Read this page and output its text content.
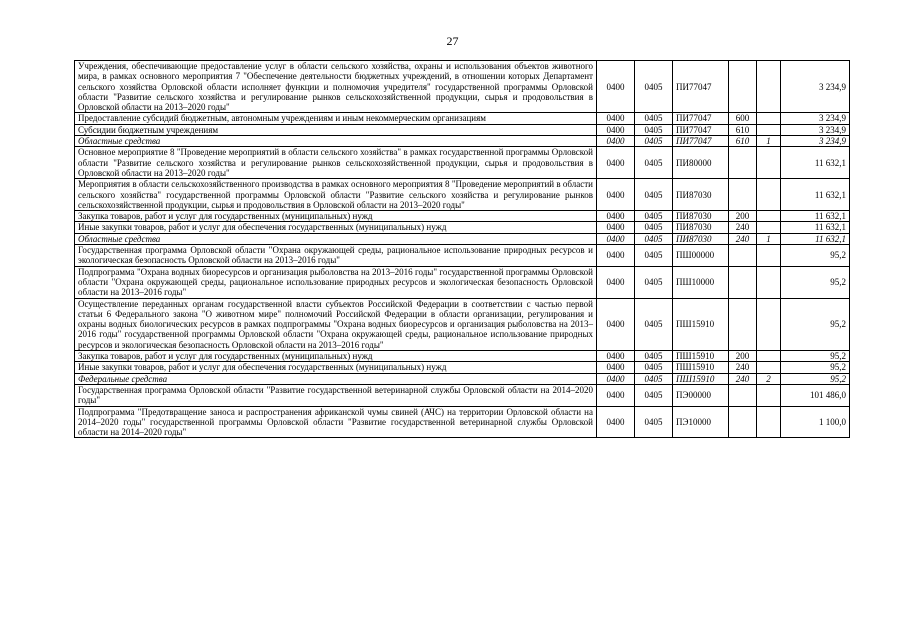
27
Учреждения, обеспечивающие предоставление услуг в области сельского хозяйства, охраны и использования объектов животного мира, в рамках основного мероприятия 7 "Обеспечение деятельности бюджетных учреждений, в отношении которых Департамент сельского хозяйства Орловской области исполняет функции и полномочия учредителя" государственной программы Орловской области "Развитие сельского хозяйства и регулирование рынков сельскохозяйственной продукции, сырья и продовольствия в Орловской области на 2013–2020 годы"	0400	0405	ПИ77047			3 234,9
Предоставление субсидий бюджетным, автономным учреждениям и иным некоммерческим организациям	0400	0405	ПИ77047	600		3 234,9
Субсидии бюджетным учреждениям	0400	0405	ПИ77047	610		3 234,9
Областные средства	0400	0405	ПИ77047	610	1	3 234,9
Основное мероприятие 8 "Проведение мероприятий в области сельского хозяйства" в рамках государственной программы Орловской области "Развитие сельского хозяйства и регулирование рынков сельскохозяйственной продукции, сырья и продовольствия в Орловской области на 2013–2020 годы"	0400	0405	ПИ80000			11 632,1
Мероприятия в области сельскохозяйственного производства в рамках основного мероприятия 8 "Проведение мероприятий в области сельского хозяйства" государственной программы Орловской области "Развитие сельского хозяйства и регулирование рынков сельскохозяйственной продукции, сырья и продовольствия в Орловской области на 2013–2020 годы"	0400	0405	ПИ87030			11 632,1
Закупка товаров, работ и услуг для государственных (муниципальных) нужд	0400	0405	ПИ87030	200		11 632,1
Иные закупки товаров, работ и услуг для обеспечения государственных (муниципальных) нужд	0400	0405	ПИ87030	240		11 632,1
Областные средства	0400	0405	ПИ87030	240	1	11 632,1
Государственная программа Орловской области "Охрана окружающей среды, рациональное использование природных ресурсов и экологическая безопасность Орловской области на 2013–2016 годы"	0400	0405	ПШ00000			95,2
Подпрограмма "Охрана водных биоресурсов и организация рыболовства на 2013–2016 годы" государственной программы Орловской области "Охрана окружающей среды, рациональное использование природных ресурсов и экологическая безопасность Орловской области на 2013–2016 годы"	0400	0405	ПШ10000			95,2
Осуществление переданных органам государственной власти субъектов Российской Федерации в соответствии с частью первой статьи 6 Федерального закона "О животном мире" полномочий Российской Федерации в области организации, регулирования и охраны водных биологических ресурсов в рамках подпрограммы "Охрана водных биоресурсов и организация рыболовства на 2013–2016 годы" государственной программы Орловской области "Охрана окружающей среды, рациональное использование природных ресурсов и экологическая безопасность Орловской области на 2013–2016 годы"	0400	0405	ПШ15910			95,2
Закупка товаров, работ и услуг для государственных (муниципальных) нужд	0400	0405	ПШ15910	200		95,2
Иные закупки товаров, работ и услуг для обеспечения государственных (муниципальных) нужд	0400	0405	ПШ15910	240		95,2
Федеральные средства	0400	0405	ПШ15910	240	2	95,2
Государственная программа Орловской области "Развитие государственной ветеринарной службы Орловской области на 2014–2020 годы"	0400	0405	ПЭ00000			101 486,0
Подпрограмма "Предотвращение заноса и распространения африканской чумы свиней (АЧС) на территории Орловской области на 2014–2020 годы" государственной программы Орловской области "Развитие государственной ветеринарной службы Орловской области на 2014–2020 годы"	0400	0405	ПЭ10000			1 100,0
